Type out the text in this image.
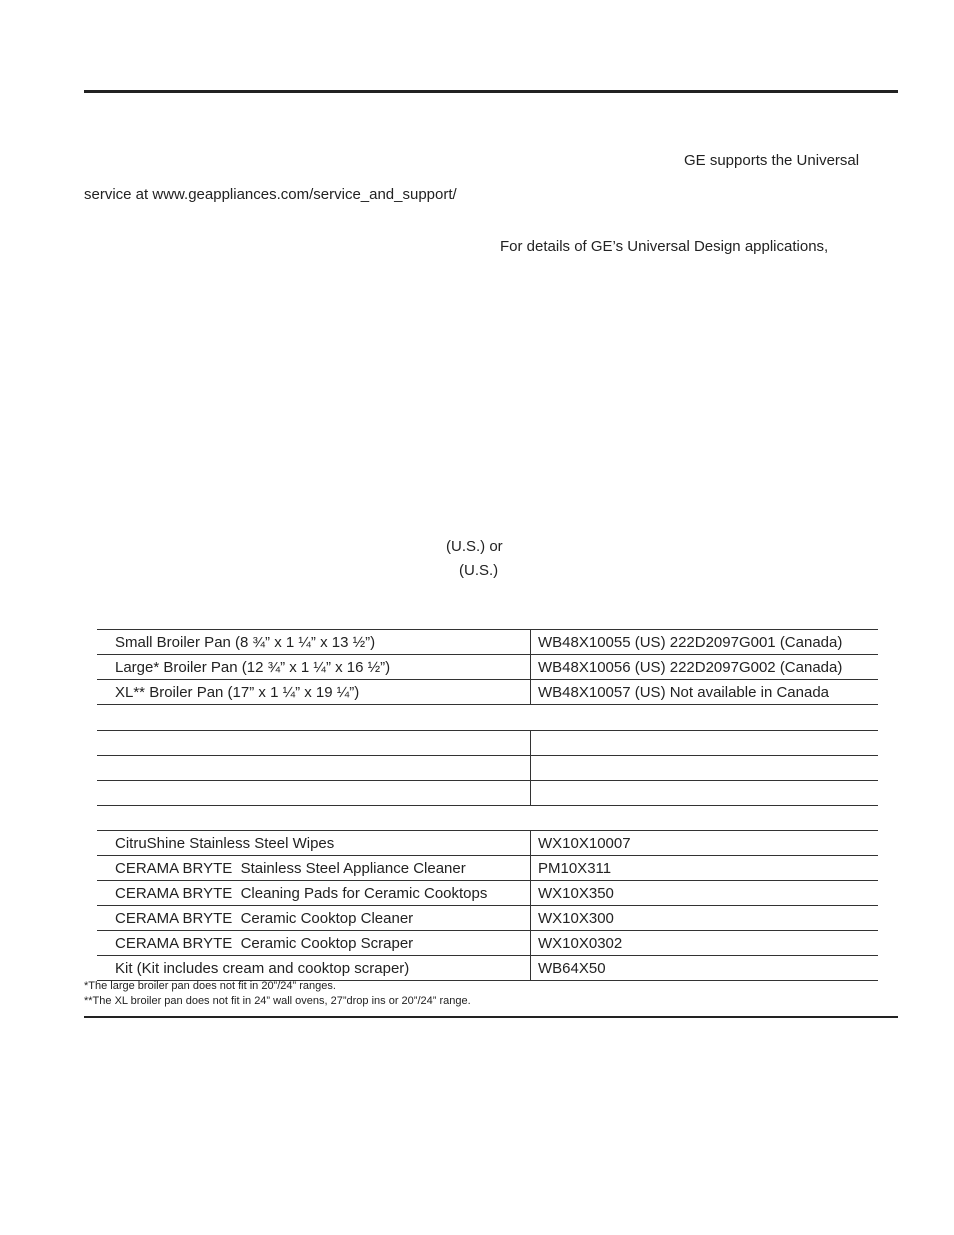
GE supports the Universal
service at www.geappliances.com/service_and_support/
For details of GE’s Universal Design applications,
(U.S.) or
(U.S.)
Small Broiler Pan (8 ¾” x 1 ¼” x 13 ½”)	WB48X10055 (US) 222D2097G001 (Canada)
Large* Broiler Pan (12 ¾” x 1 ¼” x 16 ½”)	WB48X10056 (US) 222D2097G002 (Canada)
XL** Broiler Pan (17” x 1 ¼” x 19 ¼”)	WB48X10057 (US) Not available in Canada
CitruShine Stainless Steel Wipes	WX10X10007
CERAMA BRYTE  Stainless Steel Appliance Cleaner	PM10X311
CERAMA BRYTE  Cleaning Pads for Ceramic Cooktops	WX10X350
CERAMA BRYTE  Ceramic Cooktop Cleaner	WX10X300
CERAMA BRYTE  Ceramic Cooktop Scraper	WX10X0302
Kit (Kit includes cream and cooktop scraper)	WB64X50
*The large broiler pan does not fit in 20”/24” ranges.
**The XL broiler pan does not fit in 24” wall ovens, 27”drop ins or 20”/24” range.
